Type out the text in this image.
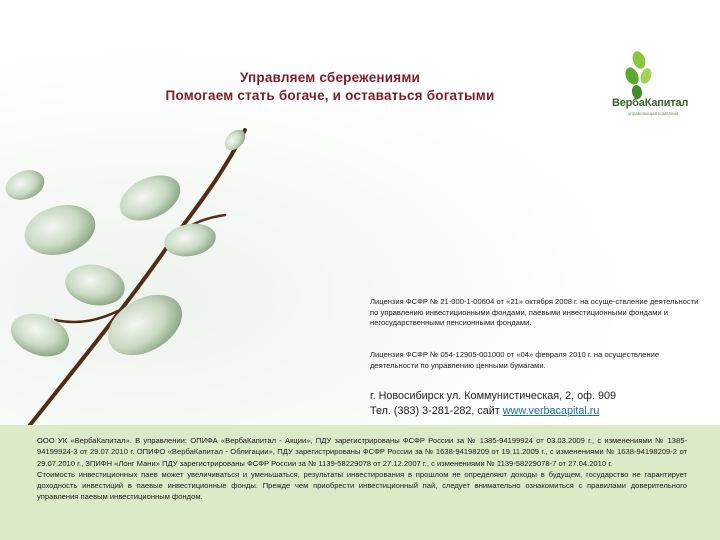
Управляем сбережениями
Помогаем стать богаче, и оставаться богатыми	ВербаКапитал
управляющая компания
Лицензия ФСФР № 21-000-1-00604 от «21» октября 2008 г. на осуще-ствление деятельности по управлению инвестиционными фондами, паевыми инвестиционными фондами и негосударственными пенсионными фондами.
Лицензия ФСФР № 054-12905-001000 от «04» февраля 2010 г. на осуществление деятельности по управлению ценными бумагами.
г. Новосибирск ул. Коммунистическая, 2, оф. 909
Тел. (383) 3-281-282, сайт www.verbacapital.ru

ООО УК «ВербаКапитал». В управлении: ОПИФА «ВербаКапитал - Акции», ПДУ зарегистрированы ФСФР России за № 1385-94199924 от 03.03.2009 г., с изменениями № 1385-94199924-3 от 29.07.2010 г. ОПИФО «ВербаКапитал - Облигации», ПДУ зарегистрированы ФСФР России за № 1638-94198209 от 19.11.2009 г., с изменениями № 1638-94198209-2 от 29.07.2010 г., ЗПИФН «Лонг Мани» ПДУ зарегистрированы ФСФР России за № 1139-58229078 от 27.12.2007 г., с изменениями № 1139-58229078-7 от 27.04.2010 г.

Стоимость инвестиционных паев может увеличиваться и уменьшаться, результаты инвестирования в прошлом не определяют доходы в будущем, государство не гарантирует доходность инвестиций в паевые инвестиционные фонды. Прежде чем приобрести инвестиционный пай, следует внимательно ознакомиться с правилами доверительного управления паевым инвестиционным фондом.
